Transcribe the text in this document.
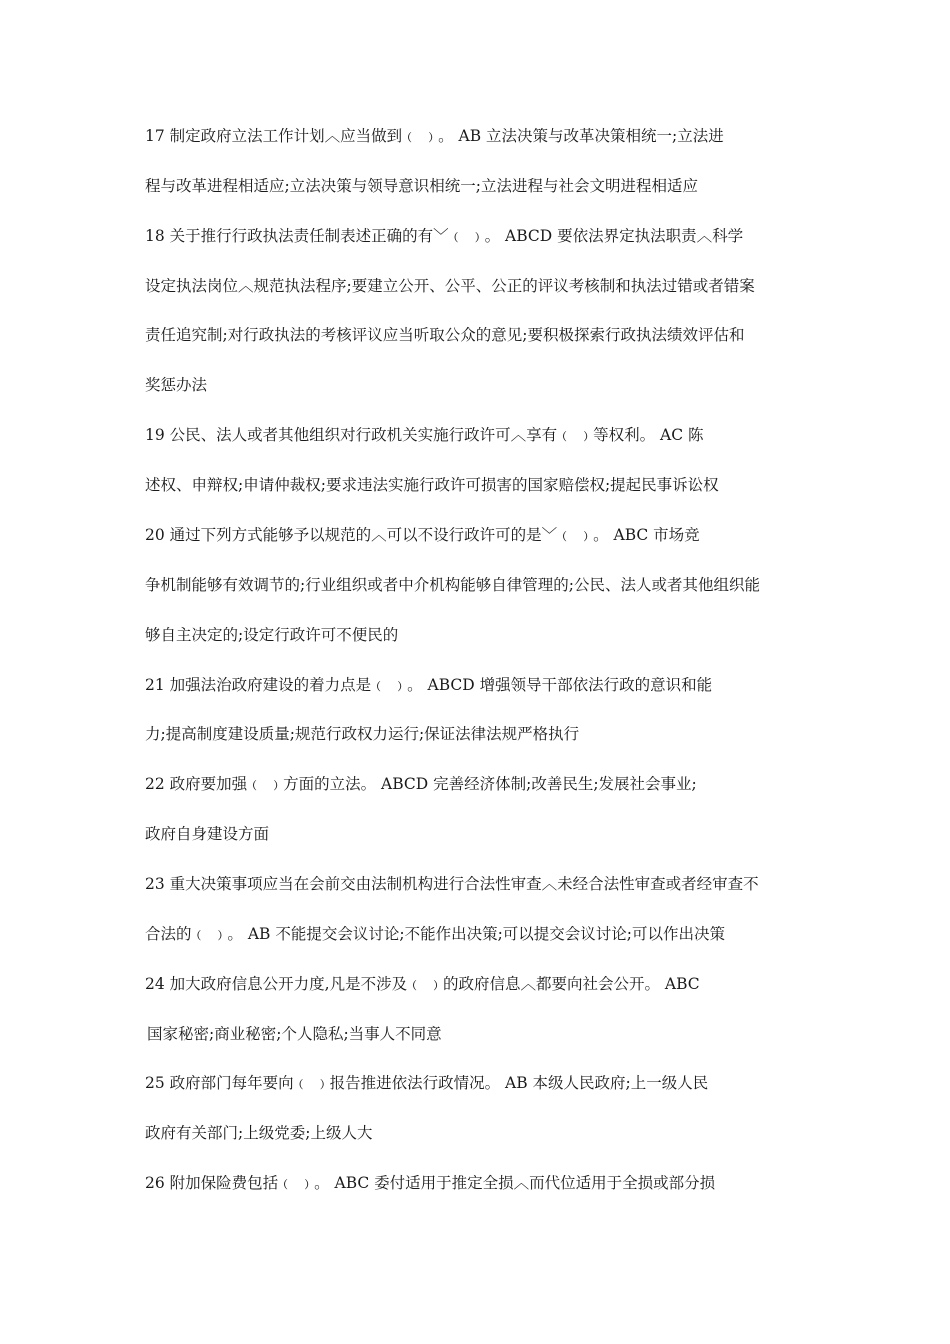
17 制定政府立法工作计划︿应当做到﹙ ﹚。 AB 立法决策与改革决策相统一;立法进
程与改革进程相适应;立法决策与领导意识相统一;立法进程与社会文明进程相适应
18 关于推行行政执法责任制表述正确的有﹀﹙ ﹚。 ABCD 要依法界定执法职责︿科学
设定执法岗位︿规范执法程序;要建立公开、公平、公正的评议考核制和执法过错或者错案
责任追究制;对行政执法的考核评议应当听取公众的意见;要积极探索行政执法绩效评估和
奖惩办法
19 公民、法人或者其他组织对行政机关实施行政许可︿享有﹙ ﹚等权利。 AC 陈
述权、申辩权;申请仲裁权;要求违法实施行政许可损害的国家赔偿权;提起民事诉讼权
20 通过下列方式能够予以规范的︿可以不设行政许可的是﹀﹙ ﹚。 ABC 市场竞
争机制能够有效调节的;行业组织或者中介机构能够自律管理的;公民、法人或者其他组织能
够自主决定的;设定行政许可不便民的
21 加强法治政府建设的着力点是﹙ ﹚。 ABCD 增强领导干部依法行政的意识和能
力;提高制度建设质量;规范行政权力运行;保证法律法规严格执行
22 政府要加强﹙ ﹚方面的立法。 ABCD 完善经济体制;改善民生;发展社会事业;
政府自身建设方面
23 重大决策事项应当在会前交由法制机构进行合法性审查︿未经合法性审查或者经审查不
合法的﹙ ﹚。 AB 不能提交会议讨论;不能作出决策;可以提交会议讨论;可以作出决策
24 加大政府信息公开力度,凡是不涉及﹙ ﹚的政府信息︿都要向社会公开。 ABC
国家秘密;商业秘密;个人隐私;当事人不同意
25 政府部门每年要向﹙ ﹚报告推进依法行政情况。 AB 本级人民政府;上一级人民
政府有关部门;上级党委;上级人大
26 附加保险费包括﹙ ﹚。 ABC 委付适用于推定全损︿而代位适用于全损或部分损
